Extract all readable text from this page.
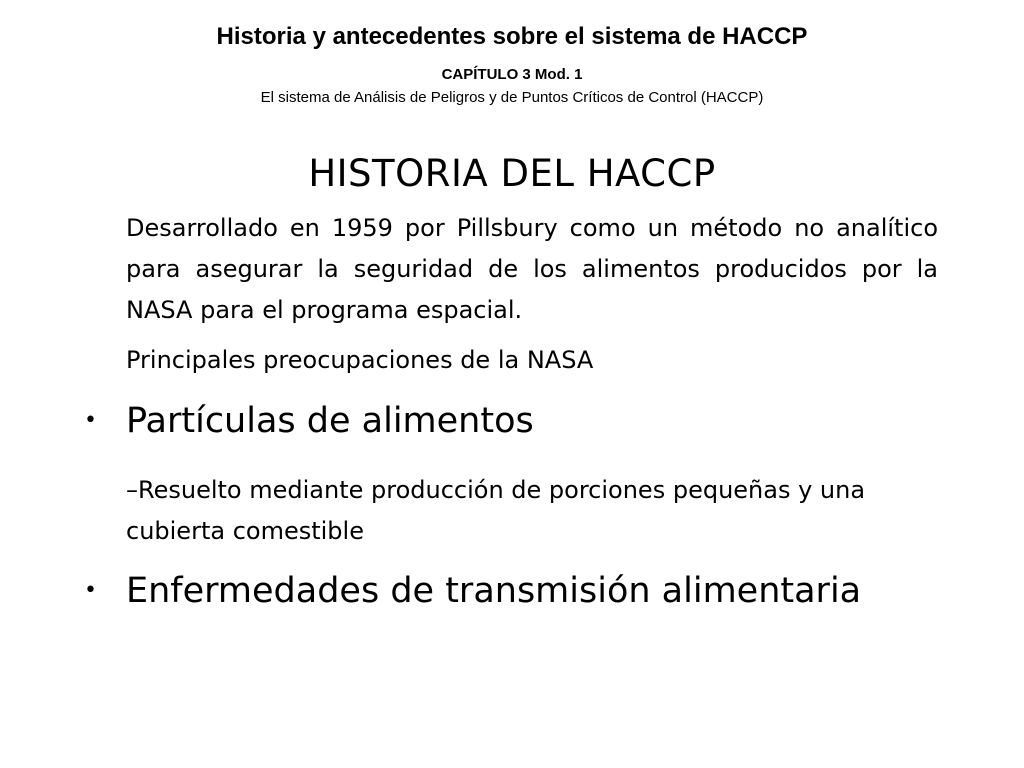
Historia y antecedentes sobre el sistema de HACCP
CAPÍTULO 3 Mod. 1
El sistema de Análisis de Peligros y de Puntos Críticos de Control (HACCP)
HISTORIA DEL HACCP
Desarrollado en 1959 por Pillsbury como un método no analítico para asegurar la seguridad de los alimentos producidos por la NASA para el programa espacial.
Principales preocupaciones de la NASA
• Partículas de alimentos
–Resuelto mediante producción de porciones pequeñas y una cubierta comestible
• Enfermedades de transmisión alimentaria
